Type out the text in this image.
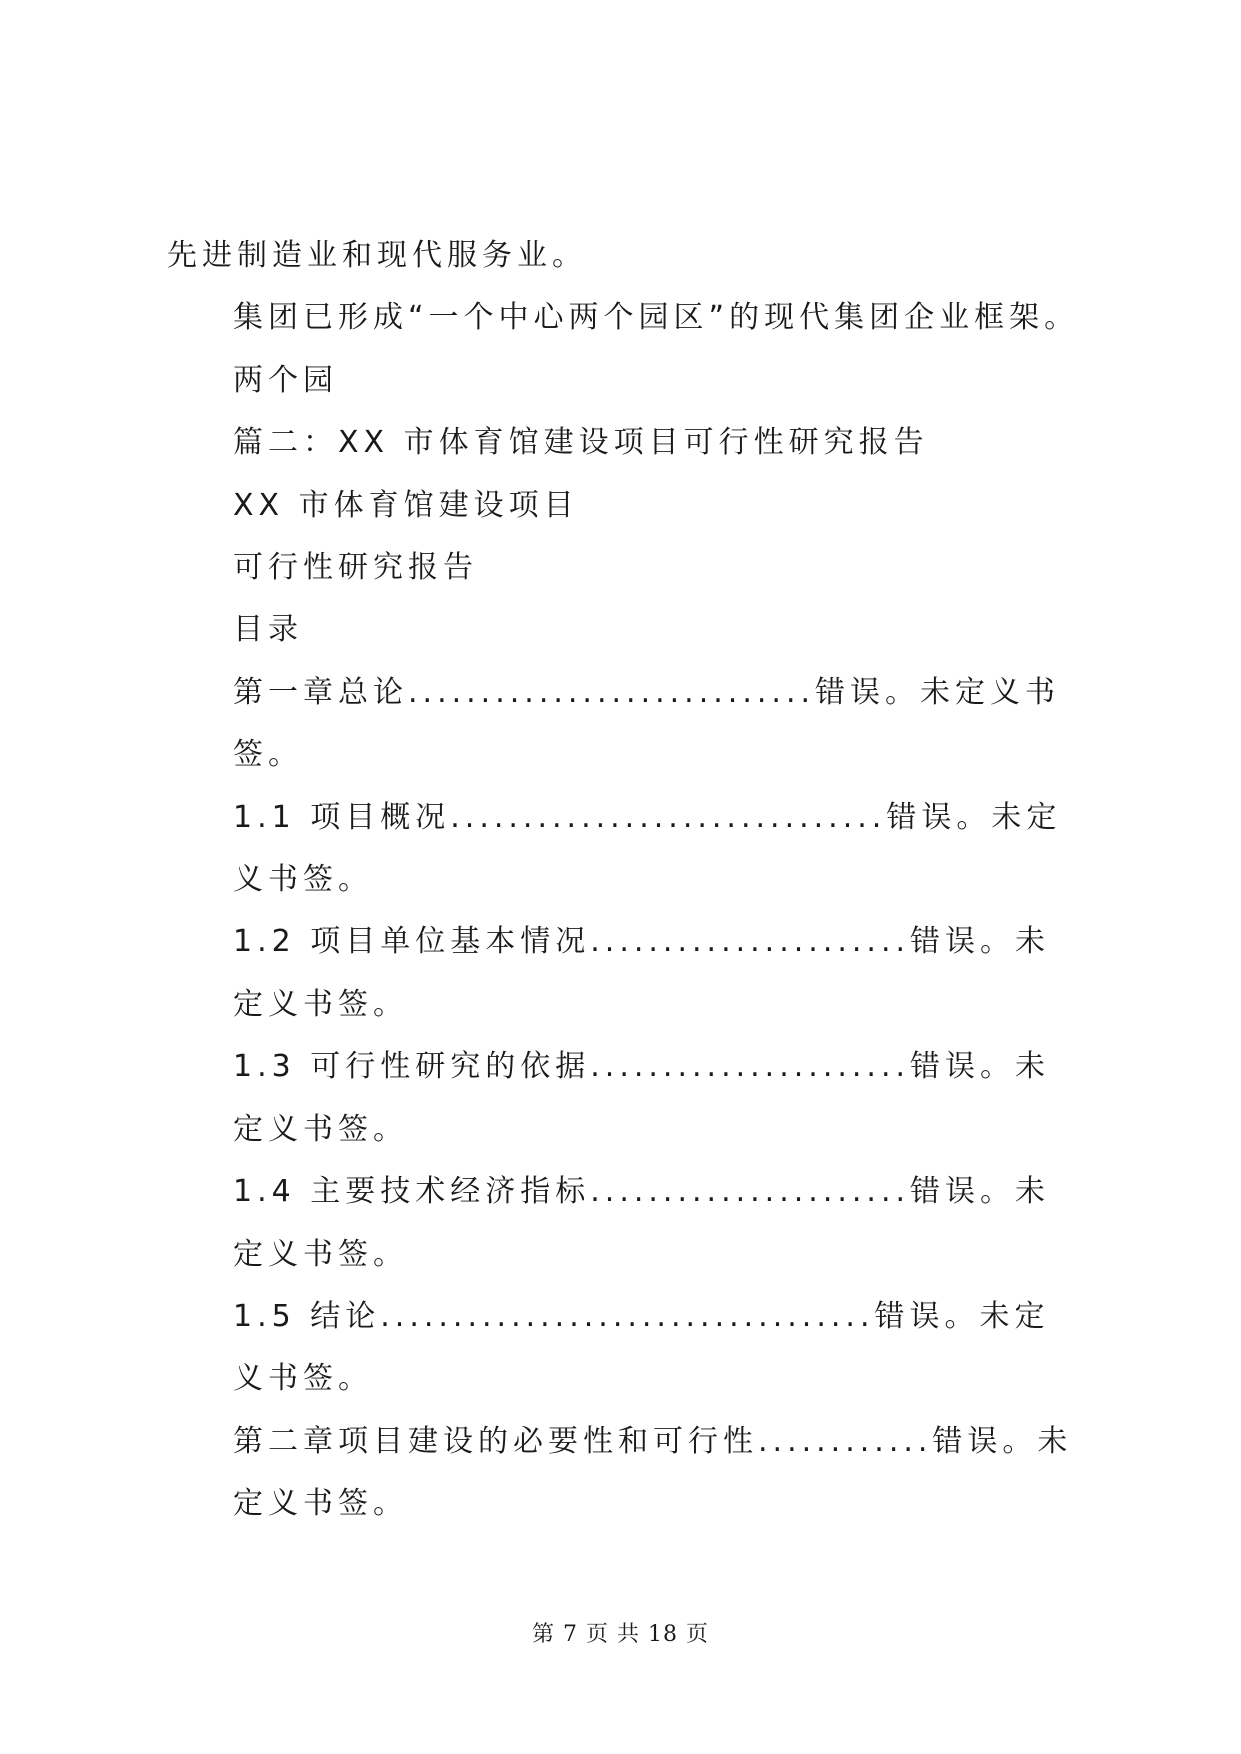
先进制造业和现代服务业。

集团已形成“一个中心两个园区”的现代集团企业框架。两个园

篇二：XX 市体育馆建设项目可行性研究报告

XX 市体育馆建设项目

可行性研究报告

目录

第一章总论............................错误。未定义书签。

1.1 项目概况..............................错误。未定义书签。

1.2 项目单位基本情况......................错误。未定义书签。

1.3 可行性研究的依据......................错误。未定义书签。

1.4 主要技术经济指标......................错误。未定义书签。

1.5 结论..................................错误。未定义书签。

第二章项目建设的必要性和可行性............错误。未定义书签。

第 7 页 共 18 页
